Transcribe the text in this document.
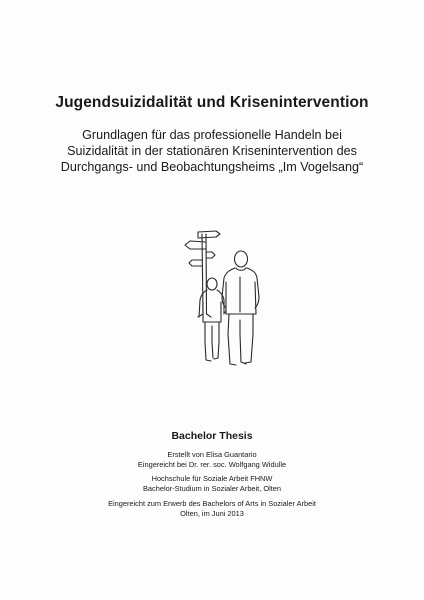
Jugendsuizidalität und Krisenintervention
Grundlagen für das professionelle Handeln bei
Suizidalität in der stationären Krisenintervention des
Durchgangs- und Beobachtungsheims „Im Vogelsang“
Bachelor Thesis
Erstellt von Elisa Guantario
Eingereicht bei Dr. rer. soc. Wolfgang Widulle
Hochschule für Soziale Arbeit FHNW
Bachelor-Studium in Sozialer Arbeit, Olten
Eingereicht zum Erwerb des Bachelors of Arts in Sozialer Arbeit
Olten, im Juni 2013
